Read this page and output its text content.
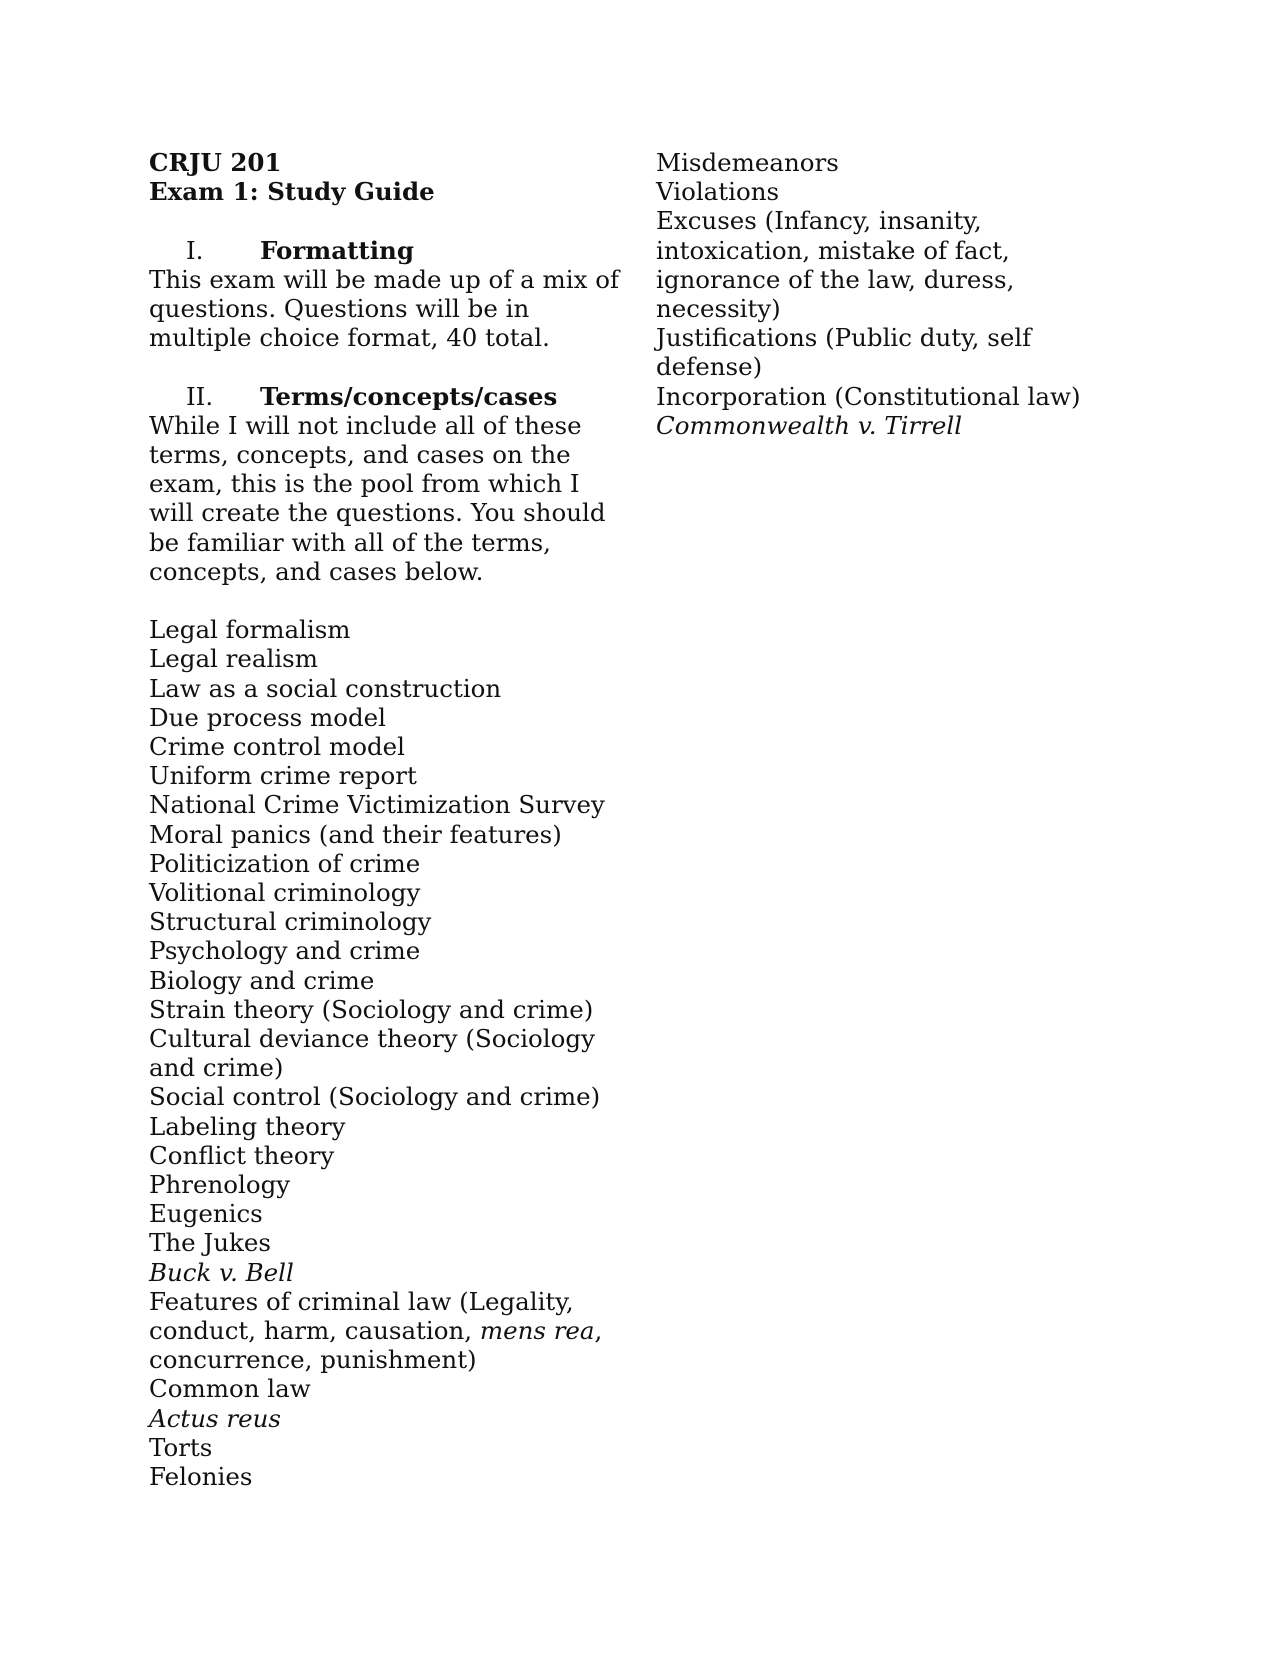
CRJU 201
Exam 1: Study Guide
I. Formatting
This exam will be made up of a mix of questions. Questions will be in multiple choice format, 40 total.
II. Terms/concepts/cases
While I will not include all of these terms, concepts, and cases on the exam, this is the pool from which I will create the questions. You should be familiar with all of the terms, concepts, and cases below.
Legal formalism
Legal realism
Law as a social construction
Due process model
Crime control model
Uniform crime report
National Crime Victimization Survey
Moral panics (and their features)
Politicization of crime
Volitional criminology
Structural criminology
Psychology and crime
Biology and crime
Strain theory (Sociology and crime)
Cultural deviance theory (Sociology and crime)
Social control (Sociology and crime)
Labeling theory
Conflict theory
Phrenology
Eugenics
The Jukes
Buck v. Bell
Features of criminal law (Legality, conduct, harm, causation, mens rea, concurrence, punishment)
Common law
Actus reus
Torts
Felonies
Misdemeanors
Violations
Excuses (Infancy, insanity, intoxication, mistake of fact, ignorance of the law, duress, necessity)
Justifications (Public duty, self defense)
Incorporation (Constitutional law)
Commonwealth v. Tirrell
